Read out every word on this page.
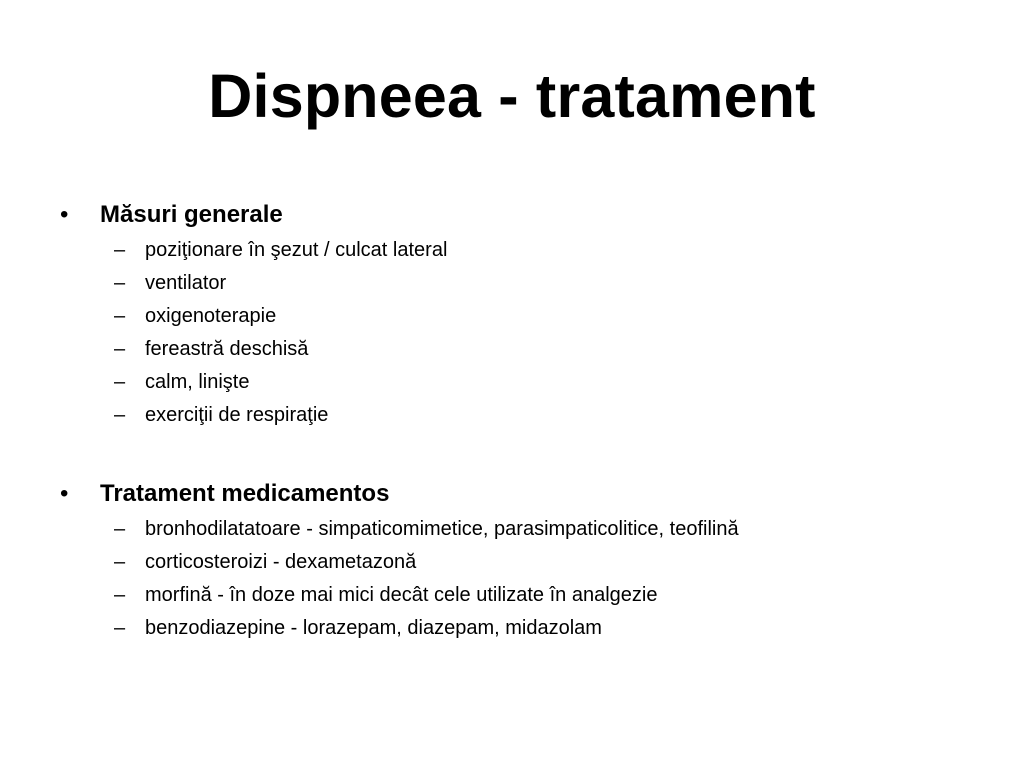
Dispneea - tratament
• Măsuri generale
– poziţionare în şezut / culcat lateral
– ventilator
– oxigenoterapie
– fereastră deschisă
– calm, linişte
– exerciţii de respiraţie
• Tratament medicamentos
– bronhodilatatoare - simpaticomimetice, parasimpaticolitice, teofilină
– corticosteroizi - dexametazonă
– morfină - în doze mai mici decât cele utilizate în analgezie
– benzodiazepine - lorazepam, diazepam, midazolam
